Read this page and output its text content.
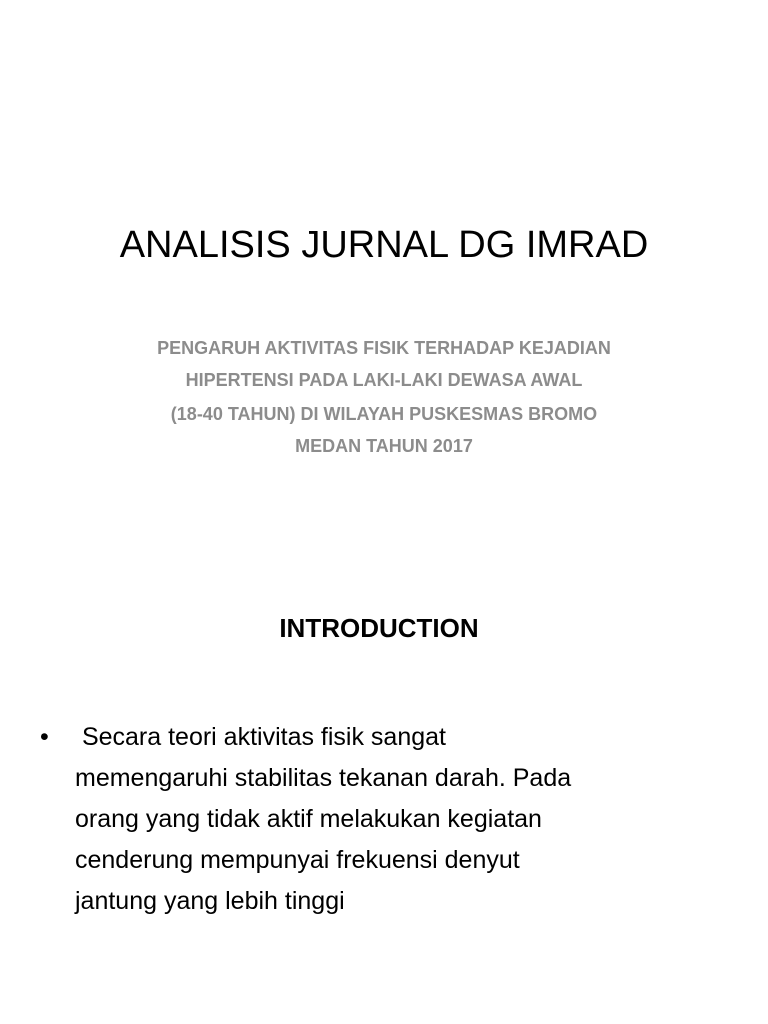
ANALISIS JURNAL DG IMRAD
PENGARUH AKTIVITAS FISIK TERHADAP KEJADIAN
HIPERTENSI PADA LAKI-LAKI DEWASA AWAL
(18-40 TAHUN) DI WILAYAH PUSKESMAS BROMO
MEDAN TAHUN 2017
INTRODUCTION
•	Secara teori aktivitas fisik sangat
memengaruhi stabilitas tekanan darah. Pada
orang yang tidak aktif melakukan kegiatan
cenderung mempunyai frekuensi denyut
jantung yang lebih tinggi
